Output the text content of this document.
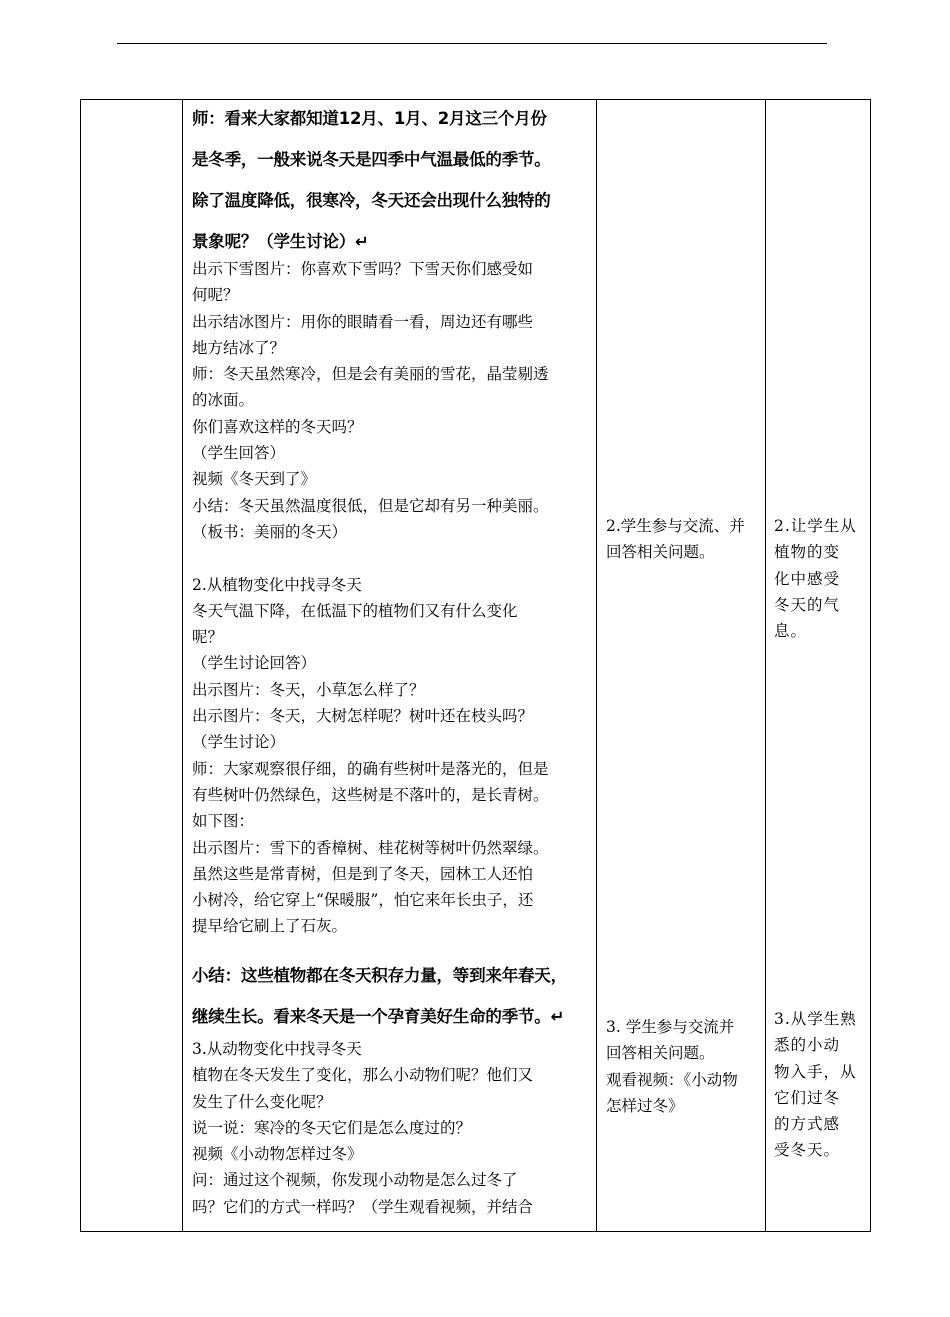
师：看来大家都知道12月、1月、2月这三个月份

是冬季，一般来说冬天是四季中气温最低的季节。

除了温度降低，很寒冷，冬天还会出现什么独特的

景象呢？（学生讨论）↵

出示下雪图片：你喜欢下雪吗？下雪天你们感受如

何呢？

出示结冰图片：用你的眼睛看一看，周边还有哪些

地方结冰了？

师：冬天虽然寒冷，但是会有美丽的雪花，晶莹剔透

的冰面。

你们喜欢这样的冬天吗？

（学生回答）

视频《冬天到了》

小结：冬天虽然温度很低，但是它却有另一种美丽。

（板书：美丽的冬天）

2.从植物变化中找寻冬天

冬天气温下降，在低温下的植物们又有什么变化

呢？

（学生讨论回答）

出示图片：冬天，小草怎么样了？

出示图片：冬天，大树怎样呢？树叶还在枝头吗？

（学生讨论）

师：大家观察很仔细，的确有些树叶是落光的，但是

有些树叶仍然绿色，这些树是不落叶的，是长青树。

如下图：

出示图片：雪下的香樟树、桂花树等树叶仍然翠绿。

虽然这些是常青树，但是到了冬天，园林工人还怕

小树冷，给它穿上“保暖服”，怕它来年长虫子，还

提早给它刷上了石灰。

小结：这些植物都在冬天积存力量，等到来年春天，

继续生长。看来冬天是一个孕育美好生命的季节。↵

3.从动物变化中找寻冬天

植物在冬天发生了变化，那么小动物们呢？他们又

发生了什么变化呢？

说一说：寒冷的冬天它们是怎么度过的？

视频《小动物怎样过冬》

问：通过这个视频，你发现小动物是怎么过冬了

吗？它们的方式一样吗？（学生观看视频，并结合

2.学生参与交流、并

回答相关问题。

3. 学生参与交流并

回答相关问题。

观看视频：《小动物

怎样过冬》

2.让学生从

植物的变

化中感受

冬天的气

息。

3.从学生熟

悉的小动

物入手，从

它们过冬

的方式感

受冬天。
